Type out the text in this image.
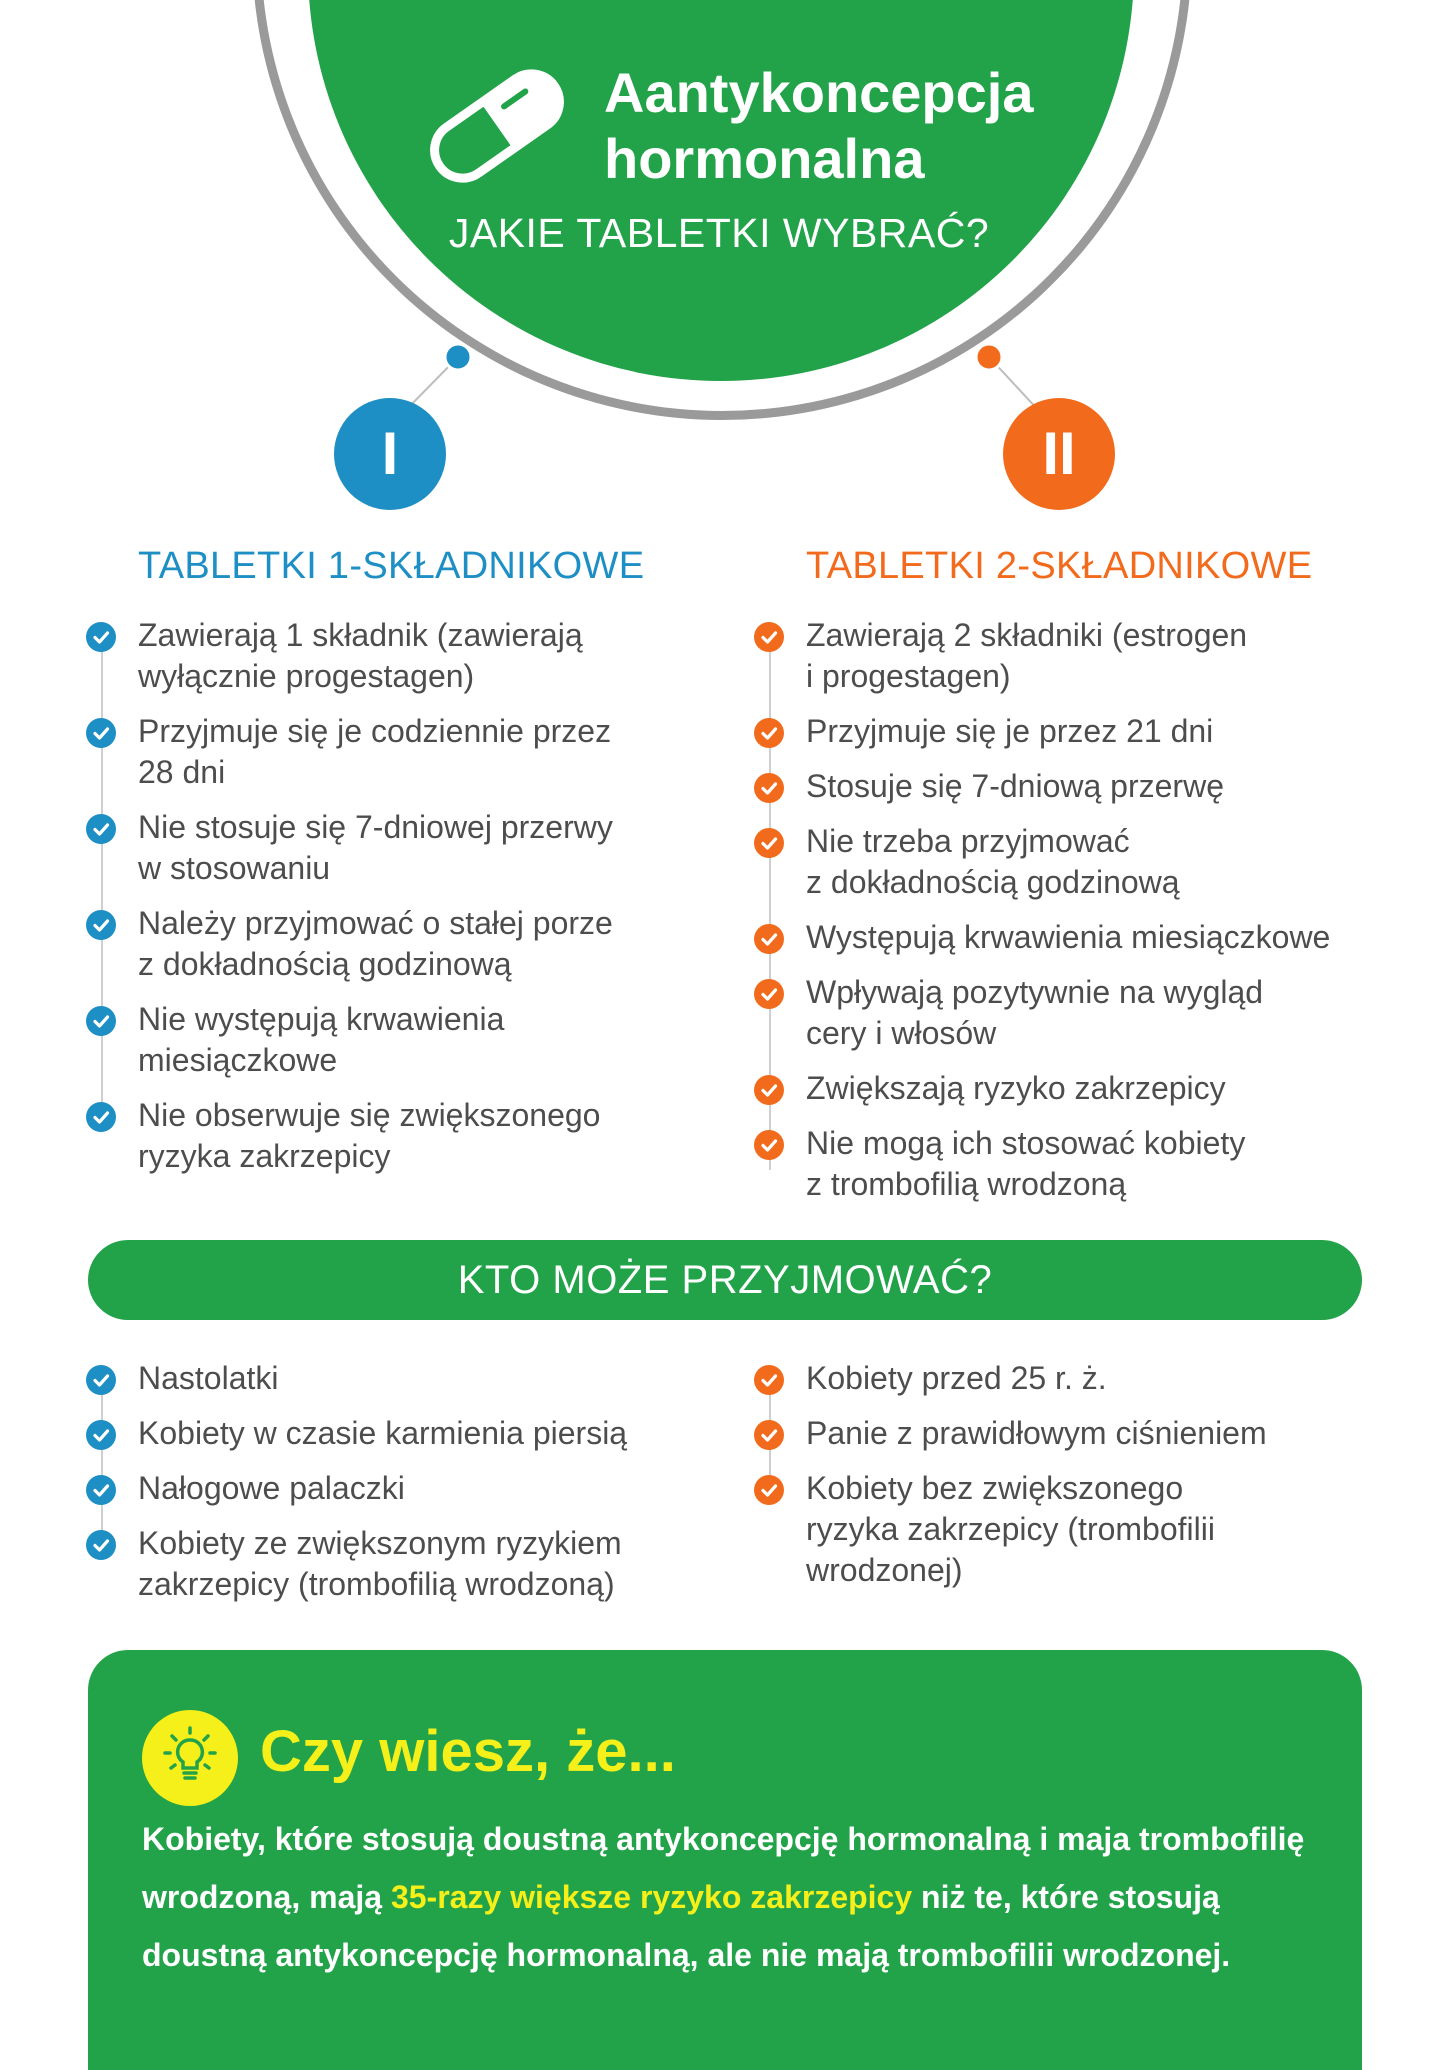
Aantykoncepcja
hormonalna
JAKIE TABLETKI WYBRAĆ?
I	II
TABLETKI 1-SKŁADNIKOWE	TABLETKI 2-SKŁADNIKOWE
Zawierają 1 składnik (zawierają
wyłącznie progestagen)
Przyjmuje się je codziennie przez
28 dni
Nie stosuje się 7-dniowej przerwy
w stosowaniu
Należy przyjmować o stałej porze
z dokładnością godzinową
Nie występują krwawienia
miesiączkowe
Nie obserwuje się zwiększonego
ryzyka zakrzepicy
Zawierają 2 składniki (estrogen
i progestagen)
Przyjmuje się je przez 21 dni
Stosuje się 7-dniową przerwę
Nie trzeba przyjmować
z dokładnością godzinową
Występują krwawienia miesiączkowe
Wpływają pozytywnie na wygląd
cery i włosów
Zwiększają ryzyko zakrzepicy
Nie mogą ich stosować kobiety
z trombofilią wrodzoną
KTO MOŻE PRZYJMOWAĆ?
Nastolatki
Kobiety w czasie karmienia piersią
Nałogowe palaczki
Kobiety ze zwiększonym ryzykiem
zakrzepicy (trombofilią wrodzoną)
Kobiety przed 25 r. ż.
Panie z prawidłowym ciśnieniem
Kobiety bez zwiększonego
ryzyka zakrzepicy (trombofilii
wrodzonej)
Czy wiesz, że...

Kobiety, które stosują doustną antykoncepcję hormonalną i maja trombofilię wrodzoną, mają 35-razy większe ryzyko zakrzepicy niż te, które stosują doustną antykoncepcję hormonalną, ale nie mają trombofilii wrodzonej.
